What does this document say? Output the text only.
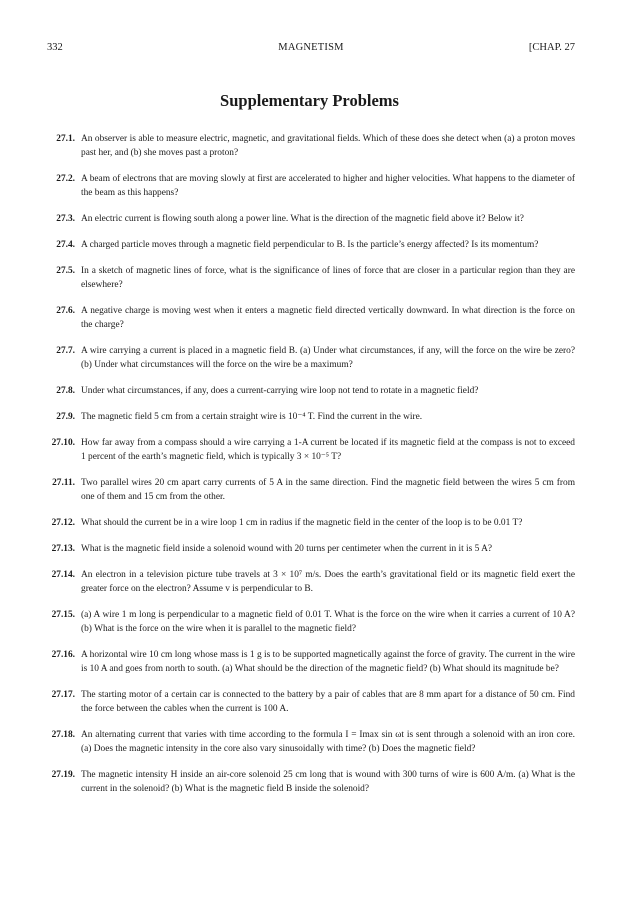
332	MAGNETISM	[CHAP. 27
Supplementary Problems
27.1. An observer is able to measure electric, magnetic, and gravitational fields. Which of these does she detect when (a) a proton moves past her, and (b) she moves past a proton?
27.2. A beam of electrons that are moving slowly at first are accelerated to higher and higher velocities. What happens to the diameter of the beam as this happens?
27.3. An electric current is flowing south along a power line. What is the direction of the magnetic field above it? Below it?
27.4. A charged particle moves through a magnetic field perpendicular to B. Is the particle’s energy affected? Is its momentum?
27.5. In a sketch of magnetic lines of force, what is the significance of lines of force that are closer in a particular region than they are elsewhere?
27.6. A negative charge is moving west when it enters a magnetic field directed vertically downward. In what direction is the force on the charge?
27.7. A wire carrying a current is placed in a magnetic field B. (a) Under what circumstances, if any, will the force on the wire be zero? (b) Under what circumstances will the force on the wire be a maximum?
27.8. Under what circumstances, if any, does a current-carrying wire loop not tend to rotate in a magnetic field?
27.9. The magnetic field 5 cm from a certain straight wire is 10⁻⁴ T. Find the current in the wire.
27.10. How far away from a compass should a wire carrying a 1-A current be located if its magnetic field at the compass is not to exceed 1 percent of the earth’s magnetic field, which is typically 3 × 10⁻⁵ T?
27.11. Two parallel wires 20 cm apart carry currents of 5 A in the same direction. Find the magnetic field between the wires 5 cm from one of them and 15 cm from the other.
27.12. What should the current be in a wire loop 1 cm in radius if the magnetic field in the center of the loop is to be 0.01 T?
27.13. What is the magnetic field inside a solenoid wound with 20 turns per centimeter when the current in it is 5 A?
27.14. An electron in a television picture tube travels at 3 × 10⁷ m/s. Does the earth’s gravitational field or its magnetic field exert the greater force on the electron? Assume v is perpendicular to B.
27.15. (a) A wire 1 m long is perpendicular to a magnetic field of 0.01 T. What is the force on the wire when it carries a current of 10 A? (b) What is the force on the wire when it is parallel to the magnetic field?
27.16. A horizontal wire 10 cm long whose mass is 1 g is to be supported magnetically against the force of gravity. The current in the wire is 10 A and goes from north to south. (a) What should be the direction of the magnetic field? (b) What should its magnitude be?
27.17. The starting motor of a certain car is connected to the battery by a pair of cables that are 8 mm apart for a distance of 50 cm. Find the force between the cables when the current is 100 A.
27.18. An alternating current that varies with time according to the formula I = Imax sin ωt is sent through a solenoid with an iron core. (a) Does the magnetic intensity in the core also vary sinusoidally with time? (b) Does the magnetic field?
27.19. The magnetic intensity H inside an air-core solenoid 25 cm long that is wound with 300 turns of wire is 600 A/m. (a) What is the current in the solenoid? (b) What is the magnetic field B inside the solenoid?
